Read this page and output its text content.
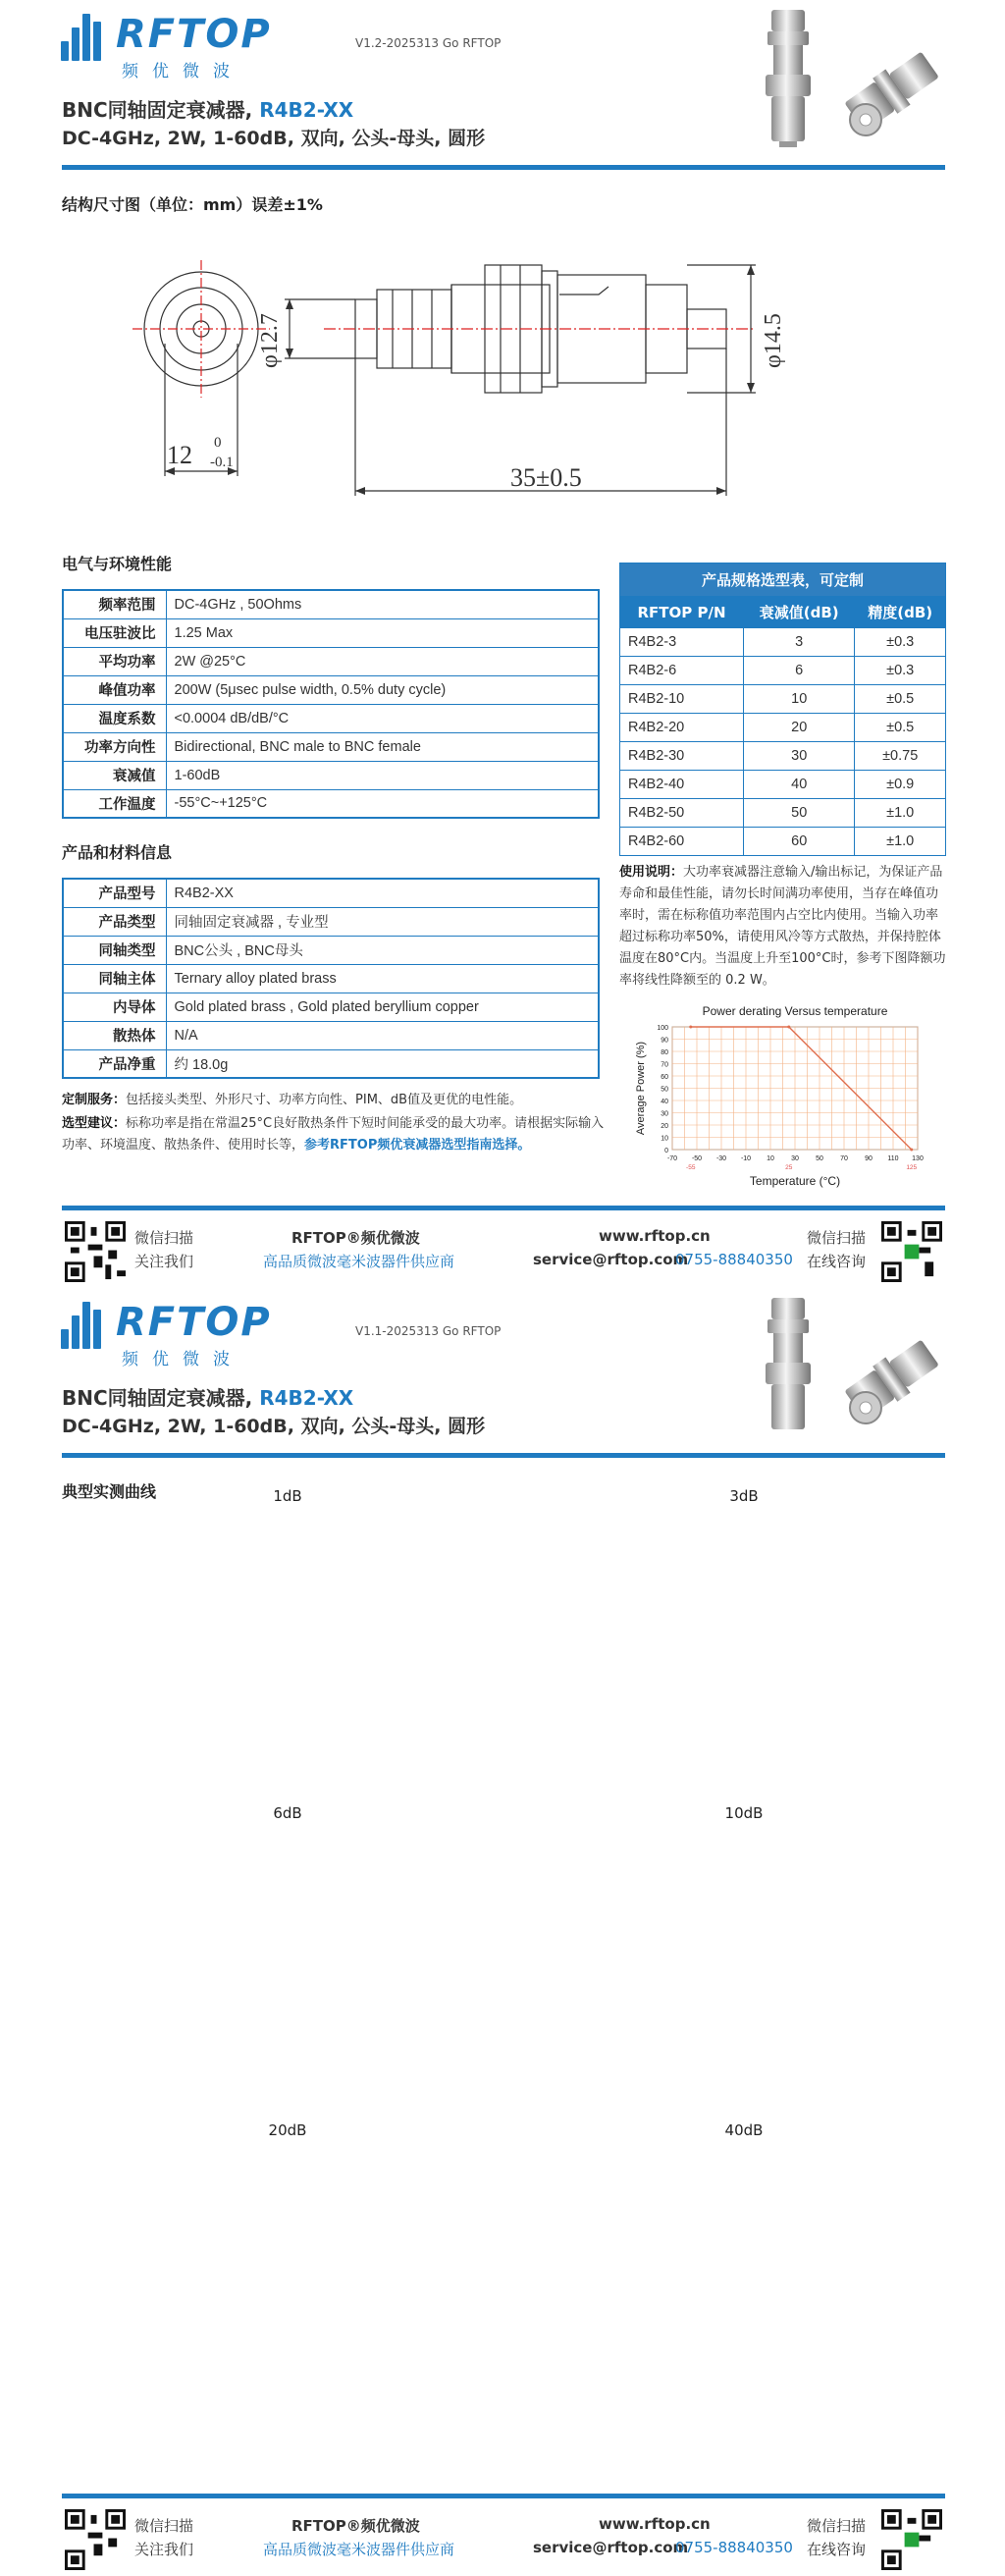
RFTOP
频优微波
V1.2-2025313 Go RFTOP
BNC同轴固定衰减器, R4B2-XX
DC-4GHz, 2W, 1-60dB, 双向, 公头-母头, 圆形
结构尺寸图（单位：mm）误差±1%
12 0
-0.1
φ12.7	φ14.5
35±0.5
电气与环境性能
频率范围	DC-4GHz , 50Ohms
电压驻波比	1.25 Max
平均功率	2W @25°C
峰值功率	200W (5μsec pulse width, 0.5% duty cycle)
温度系数	<0.0004 dB/dB/°C
功率方向性	Bidirectional, BNC male to BNC female
衰减值	1-60dB
工作温度	-55°C~+125°C
产品和材料信息
产品型号	R4B2-XX
产品类型	同轴固定衰减器 , 专业型
同轴类型	BNC公头 , BNC母头
同轴主体	Ternary alloy plated brass
内导体	Gold plated brass , Gold plated beryllium copper
散热体	N/A
产品净重	约 18.0g
产品规格选型表，可定制		
RFTOP P/N	衰减值(dB)	精度(dB)
R4B2-3	3	±0.3
R4B2-6	6	±0.3
R4B2-10	10	±0.5
R4B2-20	20	±0.5
R4B2-30	30	±0.75
R4B2-40	40	±0.9
R4B2-50	50	±1.0
R4B2-60	60	±1.0
使用说明：大功率衰减器注意输入/输出标记，为保证产品寿命和最佳性能，请勿长时间满功率使用，当存在峰值功率时，需在标称值功率范围内占空比内使用。当输入功率超过标称功率50%，请使用风冷等方式散热，并保持腔体温度在80°C内。当温度上升至100°C时，参考下图降额功率将线性降额至的 0.2 W。
Power derating Versus temperature
-70 -50 -30 -10 10 30 50 70 90 110 130
0
10
20
30
40
50
60
70
80
90
100
-55	25	125
Temperature (°C)
Average Power (%)
定制服务：包括接头类型、外形尺寸、功率方向性、PIM、dB值及更优的电性能。
选型建议：标称功率是指在常温25°C良好散热条件下短时间能承受的最大功率。请根据实际输入功率、环境温度、散热条件、使用时长等，参考RFTOP频优衰减器选型指南选择。
微信扫描
关注我们
RFTOP®频优微波
高品质微波毫米波器件供应商
www.rftop.cn
service@rftop.com
0755-88840350
微信扫描
在线咨询
RFTOP
频优微波
V1.1-2025313 Go RFTOP
BNC同轴固定衰减器, R4B2-XX
DC-4GHz, 2W, 1-60dB, 双向, 公头-母头, 圆形
典型实测曲线	1dB	3dB
6dB	10dB
20dB	40dB
微信扫描
关注我们
RFTOP®频优微波
高品质微波毫米波器件供应商
www.rftop.cn
service@rftop.com
0755-88840350
微信扫描
在线咨询
